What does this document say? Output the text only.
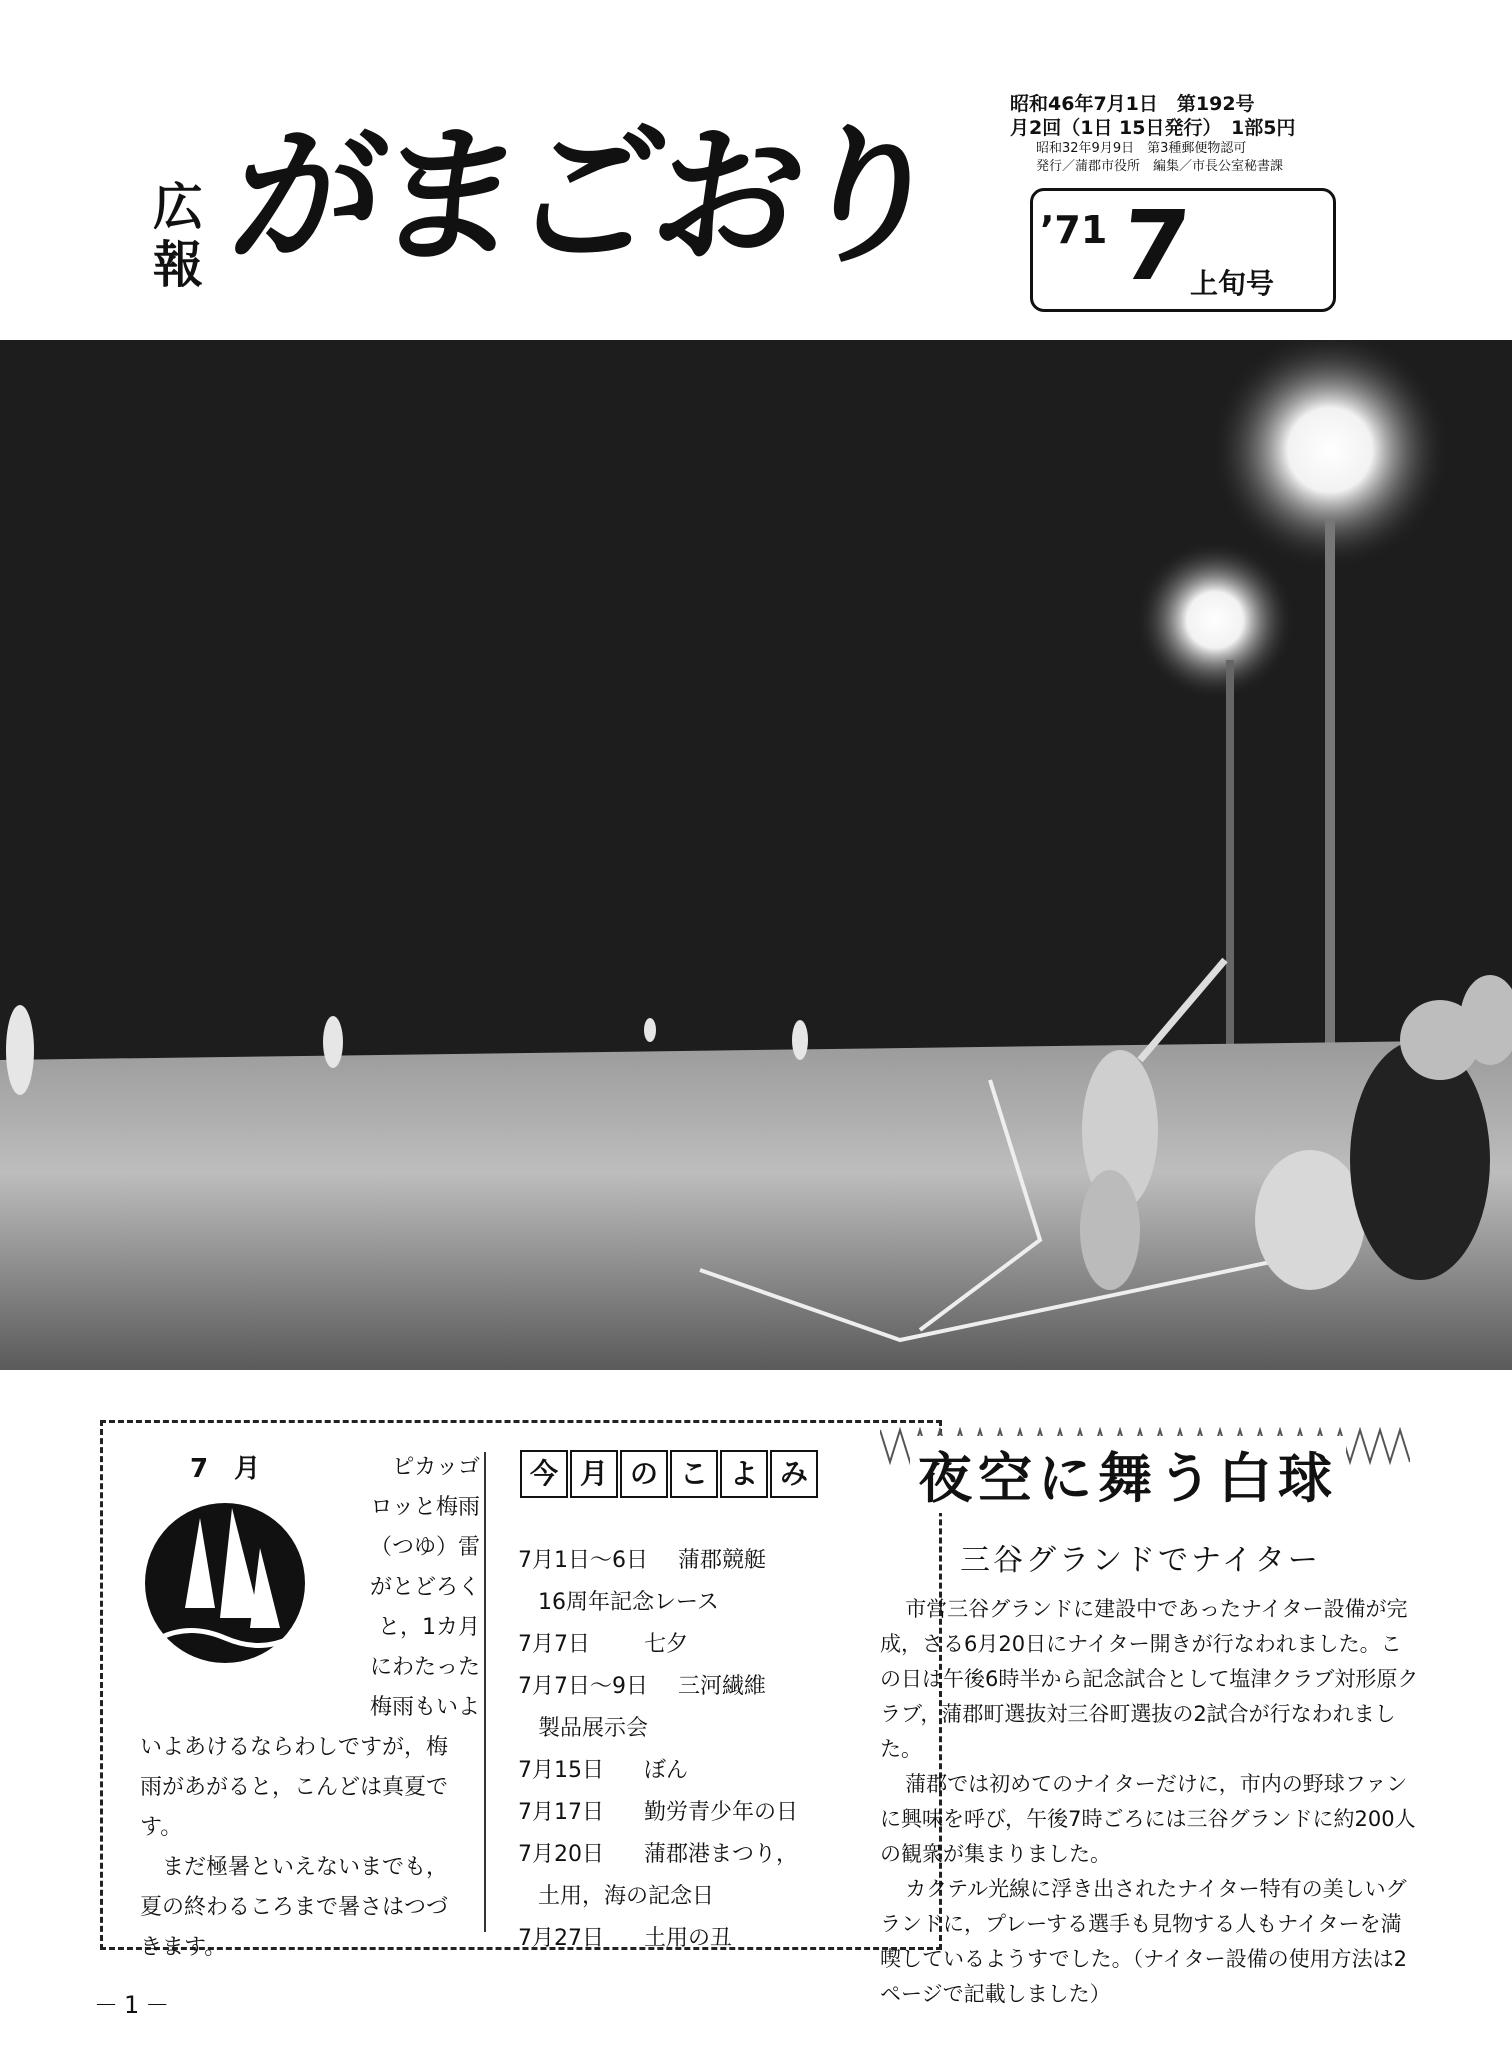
広報 がまごおり
昭和46年7月1日　第192号
月2回（1日 15日発行）　1部5円
昭和32年9月9日　第3種郵便物認可
発行／蒲郡市役所　編集／市長公室秘書課
’71 7
上旬号
7　月	ピカッゴ
ロッと梅雨
（つゆ）雷
がとどろく
と，1カ月
にわたった
梅雨もいよ
いよあけるならわしですが，梅
雨があがると，こんどは真夏で
す。
　まだ極暑といえないまでも，
夏の終わるころまで暑さはつづ
きます。
今 月 の こ よ み
7月1日～6日	蒲郡競艇
16周年記念レース
7月7日	七夕
7月7日～9日	三河繊維
製品展示会
7月15日	ぼん
7月17日	勤労青少年の日
7月20日	蒲郡港まつり，
土用，海の記念日
7月27日	土用の丑
夜空に舞う白球
三谷グランドでナイター

市営三谷グランドに建設中であったナイター設備が完成，さる6月20日にナイター開きが行なわれました。この日は午後6時半から記念試合として塩津クラブ対形原クラブ，蒲郡町選抜対三谷町選抜の2試合が行なわれました。

蒲郡では初めてのナイターだけに，市内の野球ファンに興味を呼び，午後7時ごろには三谷グランドに約200人の観衆が集まりました。

カクテル光線に浮き出されたナイター特有の美しいグランドに，プレーする選手も見物する人もナイターを満喫しているようすでした。（ナイター設備の使用方法は2ページで記載しました）

－1－
